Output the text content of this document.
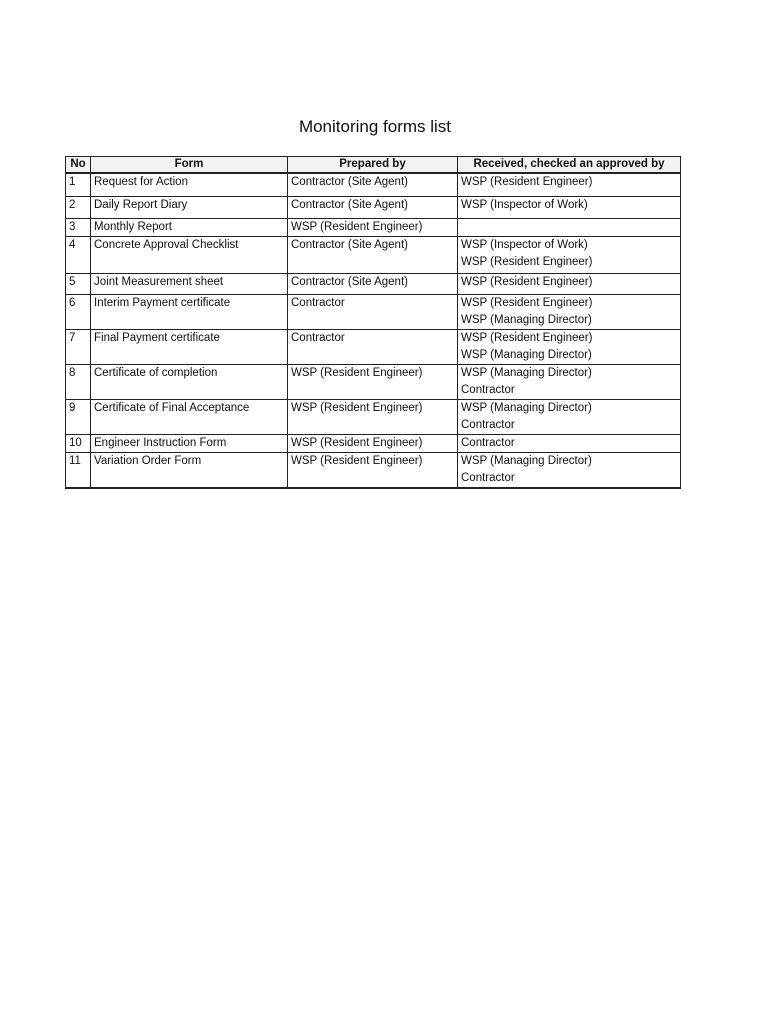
Monitoring forms list
No	Form	Prepared by	Received, checked an approved by
1	Request for Action	Contractor (Site Agent)	WSP (Resident Engineer)

2	Daily Report Diary	Contractor (Site Agent)	WSP (Inspector of Work)

3	Monthly Report	WSP (Resident Engineer)	

4	Concrete Approval Checklist	Contractor (Site Agent)	WSP (Inspector of Work)
WSP (Resident Engineer)

5	Joint Measurement sheet	Contractor (Site Agent)	WSP (Resident Engineer)

6	Interim Payment certificate	Contractor	WSP (Resident Engineer)
WSP (Managing Director)

7	Final Payment certificate	Contractor	WSP (Resident Engineer)
WSP (Managing Director)

8	Certificate of completion	WSP (Resident Engineer)	WSP (Managing Director)
Contractor

9	Certificate of Final Acceptance	WSP (Resident Engineer)	WSP (Managing Director)
Contractor

10	Engineer Instruction Form	WSP (Resident Engineer)	Contractor

11	Variation Order Form	WSP (Resident Engineer)	WSP (Managing Director)
Contractor
